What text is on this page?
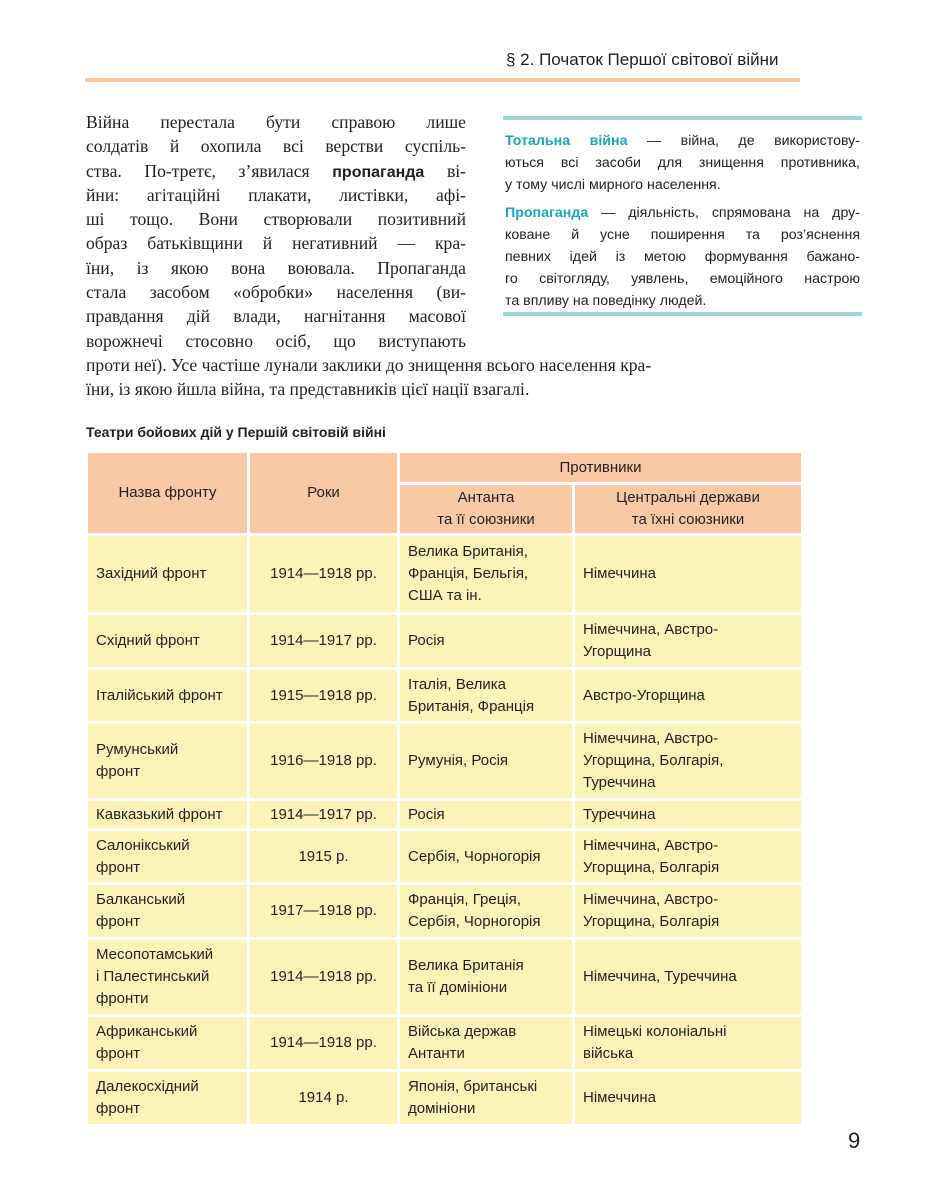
§ 2. Початок Першої світової війни
Війна перестала бути справою лише
солдатів й охопила всі верстви суспіль-
ства. По-третє, з’явилася пропаганда ві-
йни: агітаційні плакати, листівки, афі-
ші тощо. Вони створювали позитивний
образ батьківщини й негативний — кра-
їни, із якою вона воювала. Пропаганда
стала засобом «обробки» населення (ви-
правдання дій влади, нагнітання масової
ворожнечі стосовно осіб, що виступають
проти неї). Усе частіше лунали заклики до знищення всього населення кра-
їни, із якою йшла війна, та представників цієї нації взагалі.

Тотальна війна — війна, де використову-
ються всі засоби для знищення противника,
у тому числі мирного населення.

Пропаганда — діяльність, спрямована на дру-
коване й усне поширення та роз’яснення
певних ідей із метою формування бажано-
го світогляду, уявлень, емоційного настрою
та впливу на поведінку людей.

Театри бойових дій у Першій світовій війні
Назва фронту	Роки	Противники	

		Антанта
та її союзники	Центральні держави
та їхні союзники

Західний фронт	1914—1918 рр.	Велика Британія,
Франція, Бельгія,
США та ін.	Німеччина

Східний фронт	1914—1917 рр.	Росія	Німеччина, Австро-
Угорщина

Італійський фронт	1915—1918 рр.	Італія, Велика
Британія, Франція	Австро-Угорщина

Румунський
фронт	1916—1918 рр.	Румунія, Росія	Німеччина, Австро-
Угорщина, Болгарія,
Туреччина

Кавказький фронт	1914—1917 рр.	Росія	Туреччина

Салонікський
фронт	1915 р.	Сербія, Чорногорія	Німеччина, Австро-
Угорщина, Болгарія

Балканський
фронт	1917—1918 рр.	Франція, Греція,
Сербія, Чорногорія	Німеччина, Австро-
Угорщина, Болгарія

Месопотамський
і Палестинський
фронти	1914—1918 рр.	Велика Британія
та її домініони	Німеччина, Туреччина

Африканський
фронт	1914—1918 рр.	Війська держав
Антанти	Німецькі колоніальні
війська

Далекосхідний
фронт	1914 р.	Японія, британські
домініони	Німеччина
9
